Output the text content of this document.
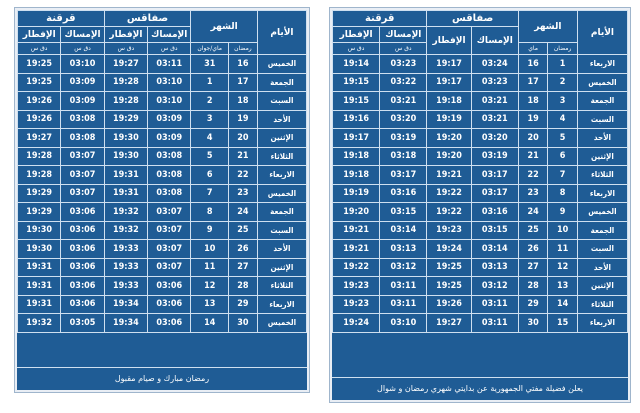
الأيام	الشهر		صفاقس		قرقنة	
			الإمساك	الإفطار	الإمساك	الإفطار
	رمضان	ماي			دق س	دق س
الاربعاء	1	16	03:24	19:17	03:23	19:14
الخميس	2	17	03:23	19:17	03:22	19:15
الجمعة	3	18	03:21	19:18	03:21	19:15
السبت	4	19	03:21	19:19	03:20	19:16
الأحد	5	20	03:20	19:20	03:19	19:17
الإثنين	6	21	03:19	19:20	03:18	19:18
الثلاثاء	7	22	03:17	19:21	03:17	19:18
الاربعاء	8	23	03:17	19:22	03:16	19:19
الخميس	9	24	03:16	19:22	03:15	19:20
الجمعة	10	25	03:15	19:23	03:14	19:21
السبت	11	26	03:14	19:24	03:13	19:21
الأحد	12	27	03:13	19:25	03:12	19:22
الإثنين	13	28	03:12	19:25	03:11	19:23
الثلاثاء	14	29	03:11	19:26	03:11	19:23
الاربعاء	15	30	03:11	19:27	03:10	19:24
يعلن فضيلة مفتي الجمهورية عن بدايتي شهري رمضان و شوال
الأيام	الشهر		صفاقس		قرقنة	
			الإمساك	الإفطار	الإمساك	الإفطار
	رمضان	ماي/جوان	دق س	دق س	دق س	دق س
الخميس	16	31	03:11	19:27	03:10	19:25
الجمعة	17	1	03:10	19:28	03:09	19:25
السبت	18	2	03:10	19:28	03:09	19:26
الأحد	19	3	03:09	19:29	03:08	19:26
الإثنين	20	4	03:09	19:30	03:08	19:27
الثلاثاء	21	5	03:08	19:30	03:07	19:28
الاربعاء	22	6	03:08	19:31	03:07	19:28
الخميس	23	7	03:08	19:31	03:07	19:29
الجمعة	24	8	03:07	19:32	03:06	19:29
السبت	25	9	03:07	19:32	03:06	19:30
الأحد	26	10	03:07	19:33	03:06	19:30
الإثنين	27	11	03:07	19:33	03:06	19:31
الثلاثاء	28	12	03:06	19:33	03:06	19:31
الاربعاء	29	13	03:06	19:34	03:06	19:31
الخميس	30	14	03:06	19:34	03:05	19:32
رمضان مبارك و صيام مقبول
